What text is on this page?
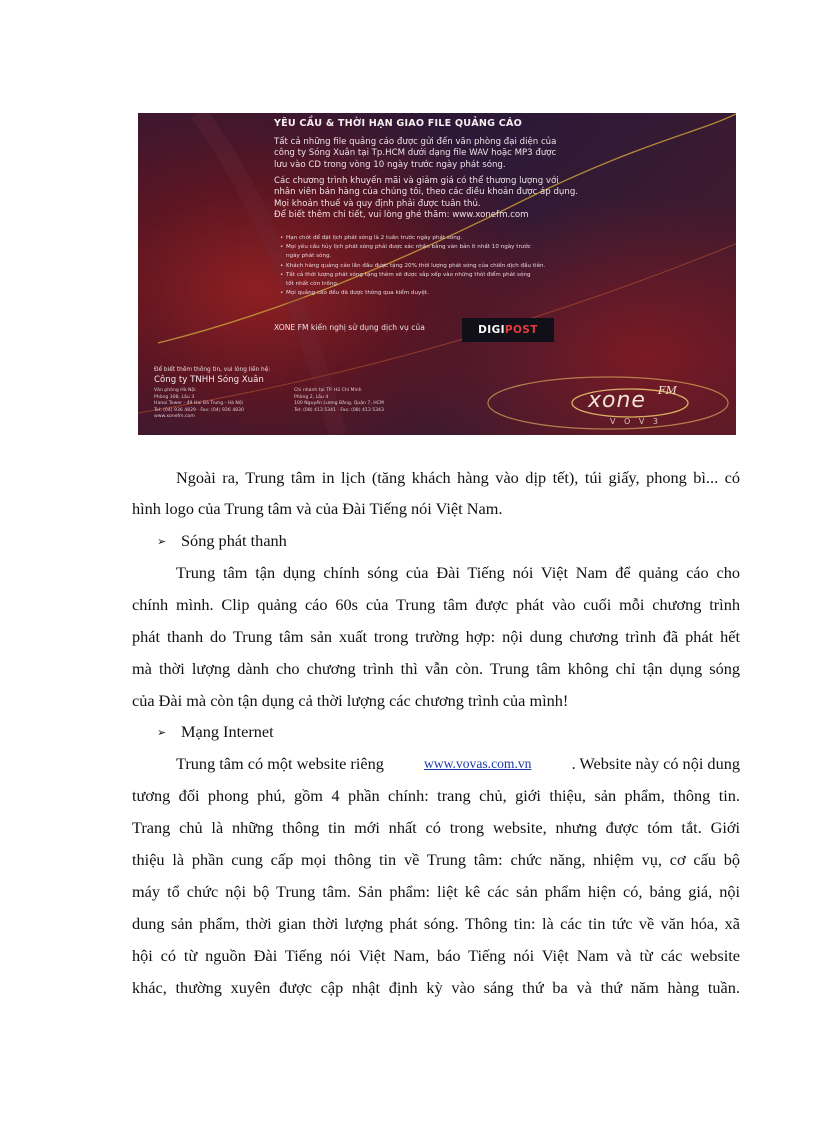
YÊU CẦU & THỜI HẠN GIAO FILE QUẢNG CÁO
Tất cả những file quảng cáo được gửi đến văn phòng đại diện của
công ty Sóng Xuân tại Tp.HCM dưới dạng file WAV hoặc MP3 được
lưu vào CD trong vòng 10 ngày trước ngày phát sóng.
Các chương trình khuyến mãi và giảm giá có thể thương lượng với
nhân viên bán hàng của chúng tôi, theo các điều khoản được áp dụng.
Mọi khoản thuế và quy định phải được tuân thủ.
Để biết thêm chi tiết, vui lòng ghé thăm: www.xonefm.com
• Hạn chót để đặt lịch phát sóng là 2 tuần trước ngày phát sóng.
• Mọi yêu cầu hủy lịch phát sóng phải được xác nhận bằng văn bản ít nhất 10 ngày trước
ngày phát sóng.
• Khách hàng quảng cáo lần đầu được tặng 20% thời lượng phát sóng của chiến dịch đầu tiên.
• Tất cả thời lượng phát sóng tặng thêm sẽ được sắp xếp vào những thời điểm phát sóng
tốt nhất còn trống.
• Mọi quảng cáo đều đã được thông qua kiểm duyệt.
XONE FM kiến nghị sử dụng dịch vụ của	DIGIPOST
Để biết thêm thông tin, vui lòng liên hệ:
Công ty TNHH Sóng Xuân
Văn phòng Hà Nội
Phòng 308, Lầu 3
Hanoi Tower - 49 Hai Bà Trưng - Hà Nội
Tel: (04) 936 4829 · Fax: (04) 936 4830
www.xonefm.com
Chi nhánh tại TP. Hồ Chí Minh
Phòng 2, Lầu 4
100 Nguyễn Lương Bằng, Quận 7, HCM
Tel: (08) 413 5341 · Fax: (08) 413 5343	xone FM
V O V 3
Ngoài ra, Trung tâm in lịch (tăng khách hàng vào dịp tết), túi giấy, phong bì... có
hình logo của Trung tâm và của Đài Tiếng nói Việt Nam.
➢ Sóng phát thanh
Trung tâm tận dụng chính sóng của Đài Tiếng nói Việt Nam để quảng cáo cho
chính mình. Clip quảng cáo 60s của Trung tâm được phát vào cuối mỗi chương trình
phát thanh do Trung tâm sản xuất trong trường hợp: nội dung chương trình đã phát hết
mà thời lượng dành cho chương trình thì vẫn còn. Trung tâm không chỉ tận dụng sóng
của Đài mà còn tận dụng cả thời lượng các chương trình của mình!
➢ Mạng Internet
Trung tâm có một website riêng	www.vovas.com.vn . Website này có nội dung
tương đối phong phú, gồm 4 phần chính: trang chủ, giới thiệu, sản phẩm, thông tin.
Trang chủ là những thông tin mới nhất có trong website, nhưng được tóm tắt. Giới
thiệu là phần cung cấp mọi thông tin về Trung tâm: chức năng, nhiệm vụ, cơ cấu bộ
máy tổ chức nội bộ Trung tâm. Sản phẩm: liệt kê các sản phẩm hiện có, bảng giá, nội
dung sản phẩm, thời gian thời lượng phát sóng. Thông tin: là các tin tức về văn hóa, xã
hội có từ nguồn Đài Tiếng nói Việt Nam, báo Tiếng nói Việt Nam và từ các website
khác, thường xuyên được cập nhật định kỳ vào sáng thứ ba và thứ năm hàng tuần.
